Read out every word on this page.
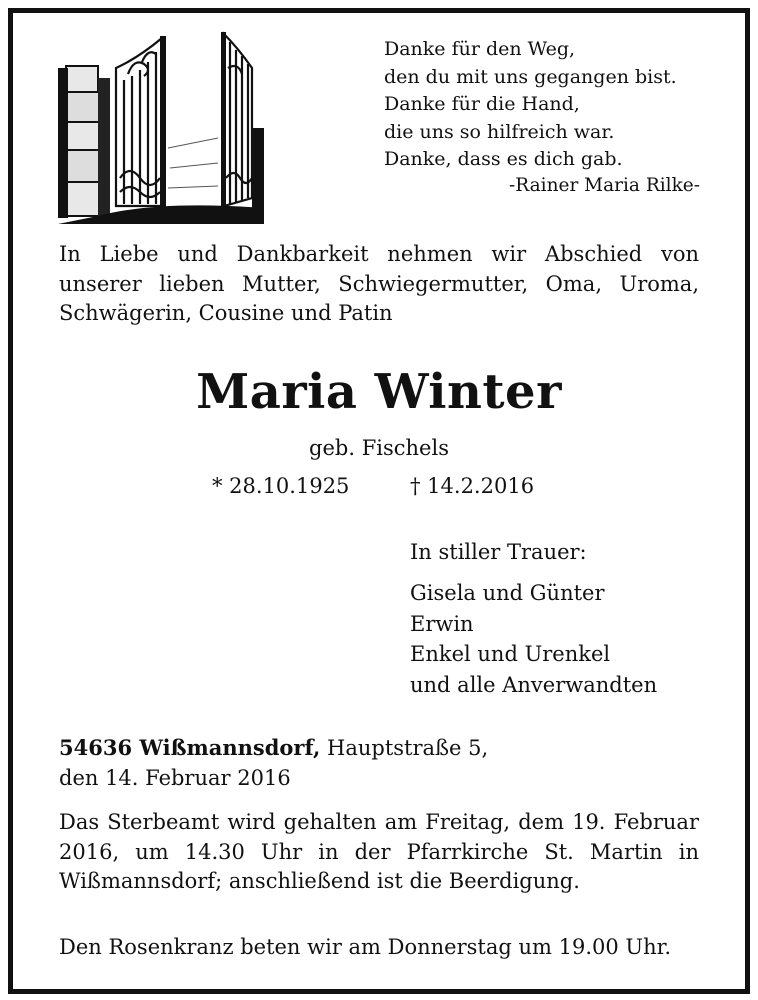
Danke für den Weg,
den du mit uns gegangen bist.
Danke für die Hand,
die uns so hilfreich war.
Danke, dass es dich gab.
-Rainer Maria Rilke-
In Liebe und Dankbarkeit nehmen wir Abschied von unserer lieben Mutter, Schwiegermutter, Oma, Uroma, Schwägerin, Cousine und Patin
Maria Winter
geb. Fischels
* 28.10.1925	† 14.2.2016
In stiller Trauer:
Gisela und Günter
Erwin
Enkel und Urenkel
und alle Anverwandten
54636 Wißmannsdorf, Hauptstraße 5,
den 14. Februar 2016
Das Sterbeamt wird gehalten am Freitag, dem 19. Februar 2016, um 14.30 Uhr in der Pfarrkirche St. Martin in Wißmannsdorf; anschließend ist die Beerdigung.
Den Rosenkranz beten wir am Donnerstag um 19.00 Uhr.
